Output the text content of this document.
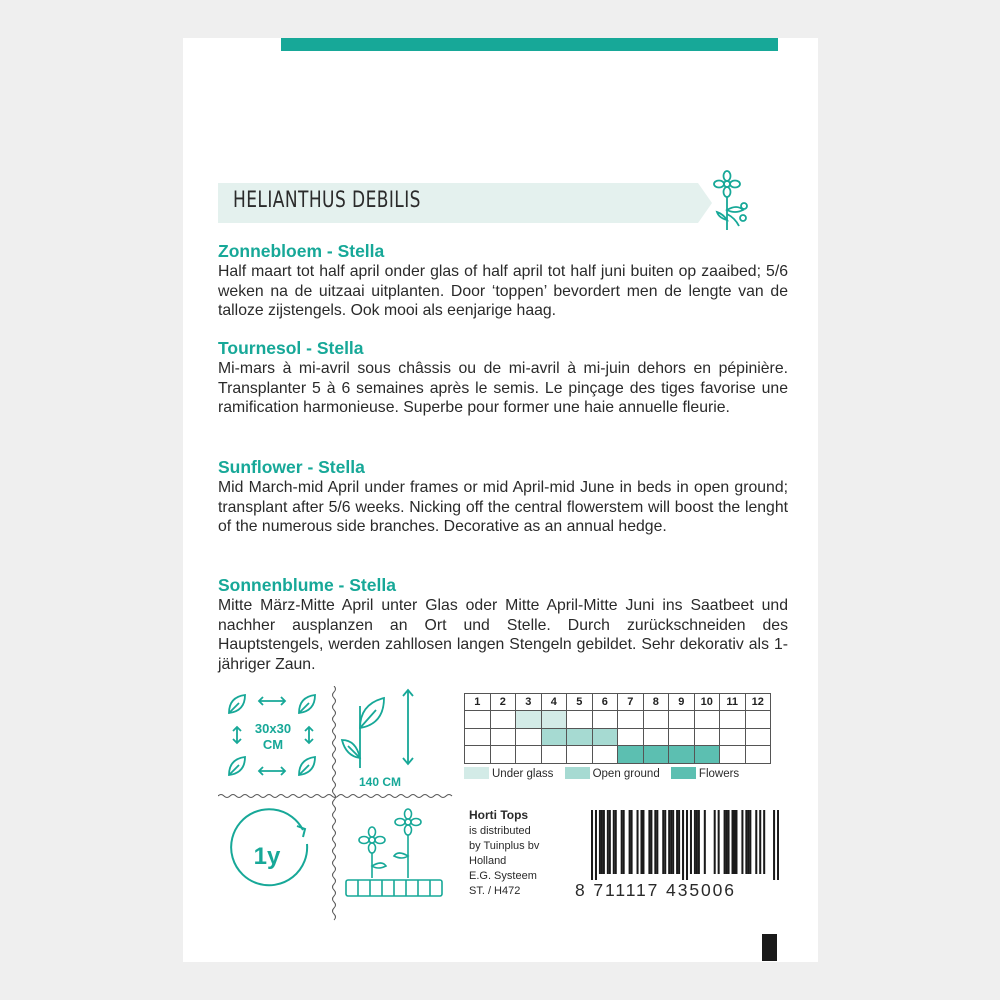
HELIANTHUS DEBILIS
Zonnebloem - Stella

Half maart tot half april onder glas of half april tot half juni buiten op zaaibed; 5/6 weken na de uitzaai uitplanten. Door ‘toppen’ bevordert men de lengte van de talloze zijstengels. Ook mooi als eenjarige haag.

Tournesol - Stella

Mi-mars à mi-avril sous châssis ou de mi-avril à mi-juin dehors en pépinière. Transplanter 5 à 6 semaines après le semis. Le pinçage des tiges favorise une ramification harmonieuse. Superbe pour former une haie annuelle fleurie.

Sunflower - Stella

Mid March-mid April under frames or mid April-mid June in beds in open ground; transplant after 5/6 weeks. Nicking off the central flowerstem will boost the lenght of the numerous side branches. Decorative as an annual hedge.

Sonnenblume - Stella

Mitte März-Mitte April unter Glas oder Mitte April-Mitte Juni ins Saatbeet und nachher ausplanzen an Ort und Stelle. Durch zurückschneiden des Hauptstengels, werden zahllosen langen Stengeln gebildet. Sehr dekorativ als 1-jähriger Zaun.

30x30
CM
140 CM
1y
1	2	3	4	5	6	7	8	9	10	11	12

Under glass	Open ground	Flowers
Horti Tops
is distributed
by Tuinplus bv
Holland
E.G. Systeem
ST. / H472	8 711117 435006
